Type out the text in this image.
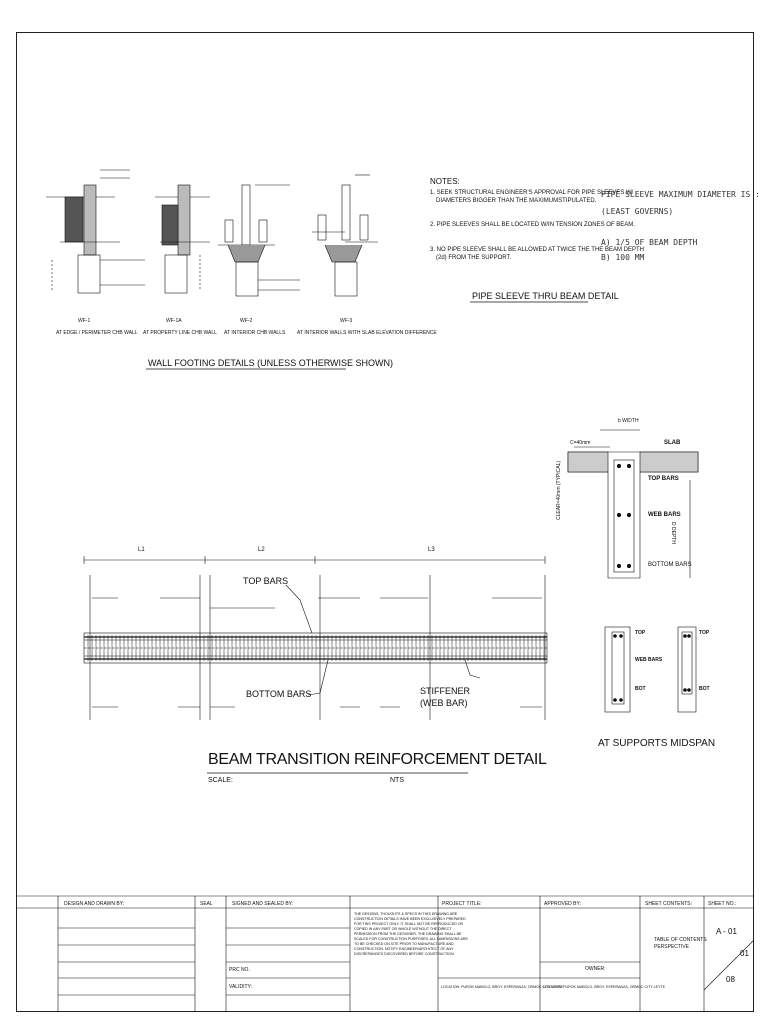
AT EDGE / PERIMETER CHB WALL AT PROPERTY LINE CHB WALL AT INTERIOR CHB WALLS AT INTERIOR WALLS WITH SLAB ELEVATION DIFFERENCE
WF-1	WF-1A	WF-2	WF-3
WALL FOOTING DETAILS (UNLESS OTHERWISE SHOWN)
NOTES:
1. SEEK STRUCTURAL ENGINEER'S APPROVAL FOR PIPE SLEEVES W/
DIAMETERS BIGGER THAN THE MAXIMUMSTIPULATED.
2. PIPE SLEEVES SHALL BE LOCATED W/IN TENSION ZONES OF BEAM.
3. NO PIPE SLEEVE SHALL BE ALLOWED AT TWICE THE THE BEAM DEPTH
(2d) FROM THE SUPPORT.
PIPE SLEEVE MAXIMUM DIAMETER IS :
(LEAST GOVERNS)
A) 1/5 OF BEAM DEPTH
B) 100 MM
PIPE SLEEVE THRU BEAM DETAIL
b WIDTH
C=40mm	SLAB
TOP BARS
WEB BARS
BOTTOM BARS
D DEPTH
CLEAR=40mm (TYPICAL)
L1	L2	L3
TOP BARS
BOTTOM BARS	STIFFENER
(WEB BAR)
BEAM TRANSITION REINFORCEMENT DETAIL
SCALE:	NTS
TOP
WEB BARS
BOT
TOP
BOT
AT SUPPORTS MIDSPAN
DESIGN AND DRAWN BY:	SEAL	SIGNED AND SEALED BY:
PRC NO.
VALIDITY:
THE DESIGNS, THOUGHTS & SPECS IN THIS DRAWING ARE
CONSTRUCTION DETAILS HAVE BEEN EXCLUSIVELY PREPARED
FOR THIS PROJECT ONLY. IT SHALL NOT BE REPRODUCED OR
COPIED IN ANY PART OR WHOLE WITHOUT THE DIRECT
PERMISSION FROM THE DESIGNER. THE DRAWING SHALL BE
SCALED FOR CONSTRUCTION PURPOSES. ALL DIMENSIONS ARE
TO BE CHECKED ON SITE PRIOR TO MANUFACTURE AND
CONSTRUCTION. NOTIFY ENGINEER/ARCHITECT OF ANY
DISCREPANCIES DISCOVERED BEFORE CONSTRUCTION.
PROJECT TITLE:
LOCATION: PUROK MABOLO, BRGY. ESPERANZA, ORMOC CITY LEYTE
APPROVED BY:
OWNER:
LOCATION: PUROK MABOLO, BRGY. ESPERANZA, ORMOC CITY LEYTE
SHEET CONTENTS:
TABLE OF CONTENTS
PERSPECTIVE
SHEET NO.:
A - 01
01
08
